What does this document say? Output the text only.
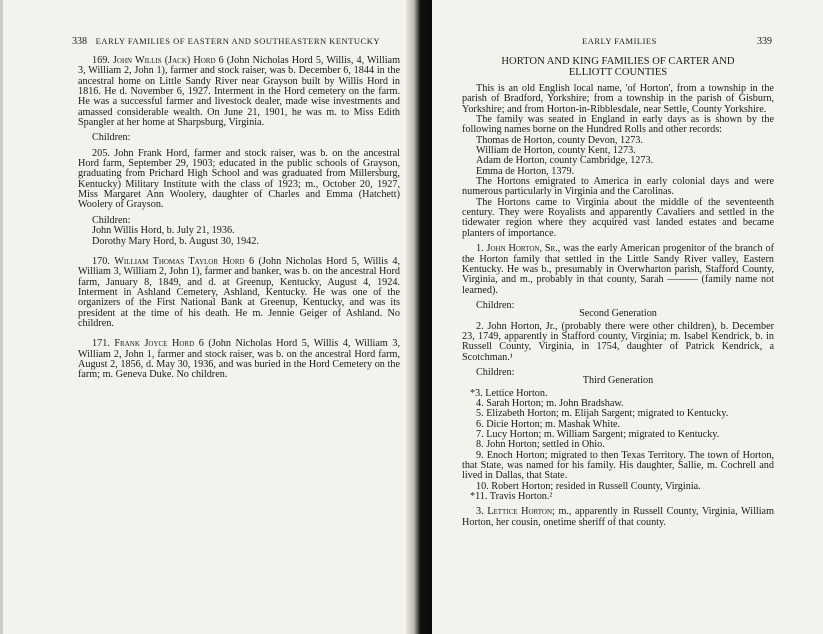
338 EARLY FAMILIES OF EASTERN AND SOUTHEASTERN KENTUCKY

169. John Willis (Jack) Hord 6 (John Nicholas Hord 5, Willis, 4, William 3, William 2, John 1), farmer and stock raiser, was b. December 6, 1844 in the ancestral home on Little Sandy River near Grayson built by Willis Hord in 1816. He d. November 6, 1927. Interment in the Hord cemetery on the farm. He was a successful farmer and livestock dealer, made wise investments and amassed considerable wealth. On June 21, 1901, he was m. to Miss Edith Spangler at her home at Sharpsburg, Virginia.

Children:

205. John Frank Hord, farmer and stock raiser, was b. on the ancestral Hord farm, September 29, 1903; educated in the public schools of Grayson, graduating from Prichard High School and was graduated from Millersburg, Kentucky) Military Institute with the class of 1923; m., October 20, 1927, Miss Margaret Ann Woolery, daughter of Charles and Emma (Hatchett) Woolery of Grayson.

Children:

John Willis Hord, b. July 21, 1936.

Dorothy Mary Hord, b. August 30, 1942.

170. William Thomas Taylor Hord 6 (John Nicholas Hord 5, Willis 4, William 3, William 2, John 1), farmer and banker, was b. on the ancestral Hord farm, January 8, 1849, and d. at Greenup, Kentucky, August 4, 1924. Interment in Ashland Cemetery, Ashland, Kentucky. He was one of the organizers of the First National Bank at Greenup, Kentucky, and was its president at the time of his death. He m. Jennie Geiger of Ashland. No children.

171. Frank Joyce Hord 6 (John Nicholas Hord 5, Willis 4, William 3, William 2, John 1, farmer and stock raiser, was b. on the ancestral Hord farm, August 2, 1856, d. May 30, 1936, and was buried in the Hord Cemetery on the farm; m. Geneva Duke. No children.

EARLY FAMILIES	339
HORTON AND KING FAMILIES OF CARTER AND
ELLIOTT COUNTIES

This is an old English local name, 'of Horton', from a township in the parish of Bradford, Yorkshire; from a township in the parish of Gisburn, Yorkshire; and from Horton-in-Ribblesdale, near Settle, County Yorkshire.

The family was seated in England in early days as is shown by the following names borne on the Hundred Rolls and other records:

Thomas de Horton, county Devon, 1273.

William de Horton, county Kent, 1273.

Adam de Horton, county Cambridge, 1273.

Emma de Horton, 1379.

The Hortons emigrated to America in early colonial days and were numerous particularly in Virginia and the Carolinas.

The Hortons came to Virginia about the middle of the seventeenth century. They were Royalists and apparently Cavaliers and settled in the tidewater region where they acquired vast landed estates and became planters of importance.

1. John Horton, Sr., was the early American progenitor of the branch of the Horton family that settled in the Little Sandy River valley, Eastern Kentucky. He was b., presumably in Overwharton parish, Stafford County, Virginia, and m., probably in that county, Sarah ——— (family name not learned).

Children:

Second Generation

2. John Horton, Jr., (probably there were other children), b. December 23, 1749, apparently in Stafford county, Virginia; m. Isabel Kendrick, b. in Russell County, Virginia, in 1754, daughter of Patrick Kendrick, a Scotchman.¹

Children:

Third Generation

*3. Lettice Horton.

4. Sarah Horton; m. John Bradshaw.

5. Elizabeth Horton; m. Elijah Sargent; migrated to Kentucky.

6. Dicie Horton; m. Mashak White.

7. Lucy Horton; m. William Sargent; migrated to Kentucky.

8. John Horton; settled in Ohio.

9. Enoch Horton; migrated to then Texas Territory. The town of Horton, that State, was named for his family. His daughter, Sallie, m. Cochrell and lived in Dallas, that State.

10. Robert Horton; resided in Russell County, Virginia.

*11. Travis Horton.²

3. Lettice Horton; m., apparently in Russell County, Virginia, William Horton, her cousin, onetime sheriff of that county.
